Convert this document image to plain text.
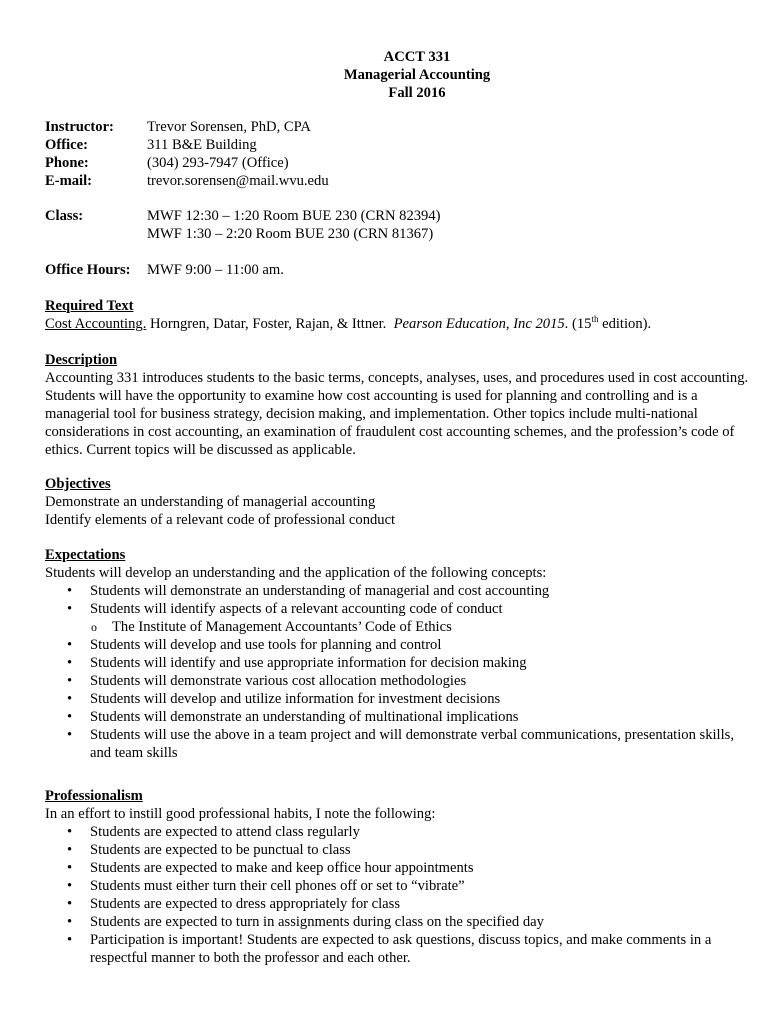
ACCT 331
Managerial Accounting
Fall 2016
Instructor:	Trevor Sorensen, PhD, CPA
Office:	311 B&E Building
Phone:	(304) 293-7947 (Office)
E-mail:	trevor.sorensen@mail.wvu.edu
Class:	MWF 12:30 – 1:20 Room BUE 230 (CRN 82394)
MWF 1:30 – 2:20 Room BUE 230 (CRN 81367)
Office Hours:	MWF 9:00 – 11:00 am.
Required Text

Cost Accounting. Horngren, Datar, Foster, Rajan, & Ittner.  Pearson Education, Inc 2015. (15th edition).

Description

Accounting 331 introduces students to the basic terms, concepts, analyses, uses, and procedures used in cost accounting. Students will have the opportunity to examine how cost accounting is used for planning and controlling and is a managerial tool for business strategy, decision making, and implementation. Other topics include multi-national considerations in cost accounting, an examination of fraudulent cost accounting schemes, and the profession’s code of ethics. Current topics will be discussed as applicable.

Objectives

Demonstrate an understanding of managerial accounting

Identify elements of a relevant code of professional conduct

Expectations

Students will develop an understanding and the application of the following concepts:

• Students will demonstrate an understanding of managerial and cost accounting
• Students will identify aspects of a relevant accounting code of conduct
o The Institute of Management Accountants’ Code of Ethics
• Students will develop and use tools for planning and control
• Students will identify and use appropriate information for decision making
• Students will demonstrate various cost allocation methodologies
• Students will develop and utilize information for investment decisions
• Students will demonstrate an understanding of multinational implications
• Students will use the above in a team project and will demonstrate verbal communications, presentation skills, and team skills
Professionalism

In an effort to instill good professional habits, I note the following:

• Students are expected to attend class regularly
• Students are expected to be punctual to class
• Students are expected to make and keep office hour appointments
• Students must either turn their cell phones off or set to “vibrate”
• Students are expected to dress appropriately for class
• Students are expected to turn in assignments during class on the specified day
• Participation is important! Students are expected to ask questions, discuss topics, and make comments in a respectful manner to both the professor and each other.
